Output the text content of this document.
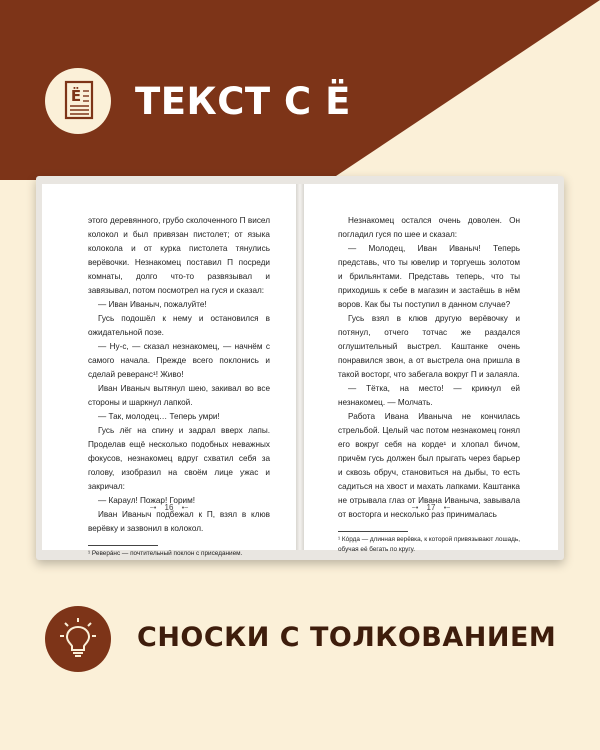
Ё ТЕКСТ С Ё

этого деревянного, грубо сколоченного П висел колокол и был привязан пистолет; от языка колокола и от курка пистолета тянулись верёвочки. Незнакомец поставил П посреди комнаты, долго что-то развязывал и завязывал, потом посмотрел на гуся и сказал:

— Иван Иваныч, пожалуйте!

Гусь подошёл к нему и остановился в ожидательной позе.

— Ну-с, — сказал незнакомец, — начнём с самого начала. Прежде всего поклонись и сделай реверанс¹! Живо!

Иван Иваныч вытянул шею, закивал во все стороны и шаркнул лапкой.

— Так, молодец… Теперь умри!

Гусь лёг на спину и задрал вверх лапы. Проделав ещё несколько подобных неважных фокусов, незнакомец вдруг схватил себя за голову, изобразил на своём лице ужас и закричал:

— Караул! Пожар! Горим!

Иван Иваныч подбежал к П, взял в клюв верёвку и зазвонил в колокол.

¹ Реверáнс — почтительный поклон с приседанием.

~• 16 •~

Незнакомец остался очень доволен. Он погладил гуся по шее и сказал:

— Молодец, Иван Иваныч! Теперь представь, что ты ювелир и торгуешь золотом и брильянтами. Представь теперь, что ты приходишь к себе в магазин и застаёшь в нём воров. Как бы ты поступил в данном случае?

Гусь взял в клюв другую верёвочку и потянул, отчего тотчас же раздался оглушительный выстрел. Каштанке очень понравился звон, а от выстрела она пришла в такой восторг, что забегала вокруг П и залаяла.

— Тётка, на место! — крикнул ей незнакомец. — Молчать.

Работа Ивана Иваныча не кончилась стрельбой. Целый час потом незнакомец гонял его вокруг себя на корде¹ и хлопал бичом, причём гусь должен был прыгать через барьер и сквозь обруч, становиться на дыбы, то есть садиться на хвост и махать лапками. Каштанка не отрывала глаз от Ивана Иваныча, завывала от восторга и несколько раз принималась

¹ Кóрда — длинная верёвка, к которой привязывают лошадь, обучая её бегать по кругу.

~• 17 •~
СНОСКИ С ТОЛКОВАНИЕМ
